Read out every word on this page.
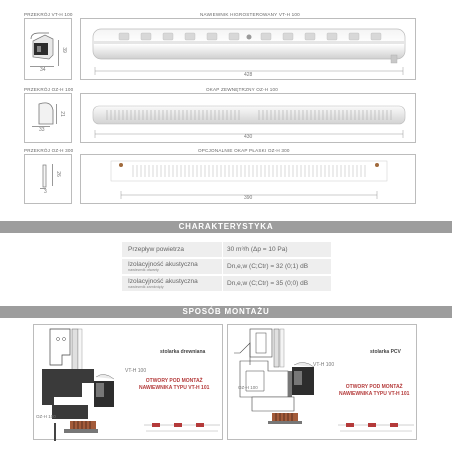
PRZEKRÓJ VT-H 100	NAWIEWNIK HIGROSTEROWANY VT-H 100
34
39
428
PRZEKRÓJ OZ-H 100	OKAP ZEWNĘTRZNY OZ-H 100
33
21
430
PRZEKRÓJ OZ-H 300	OPCJONALNIE OKAP PŁASKI OZ-H 300
3
26
390
CHARAKTERYSTYKA
Przepływ powietrza	30 m³/h (Δp = 10 Pa)
Izolacyjność akustyczna
nawiewnik otwarty	Dn,e,w (C;Ctr) = 32 (0;1) dB
Izolacyjność akustyczna
nawiewnik zamknięty	Dn,e,w (C;Ctr) = 35 (0;0) dB
SPOSÓB MONTAŻU
stolarka drewniana
VT-H 100
OZ-H 100
OTWORY POD MONTAŻ
NAWIEWNIKA TYPU VT-H 101
stolarka PCV
VT-H 100
OZ-H 100	OTWORY POD MONTAŻ
NAWIEWNIKA TYPU VT-H 101
